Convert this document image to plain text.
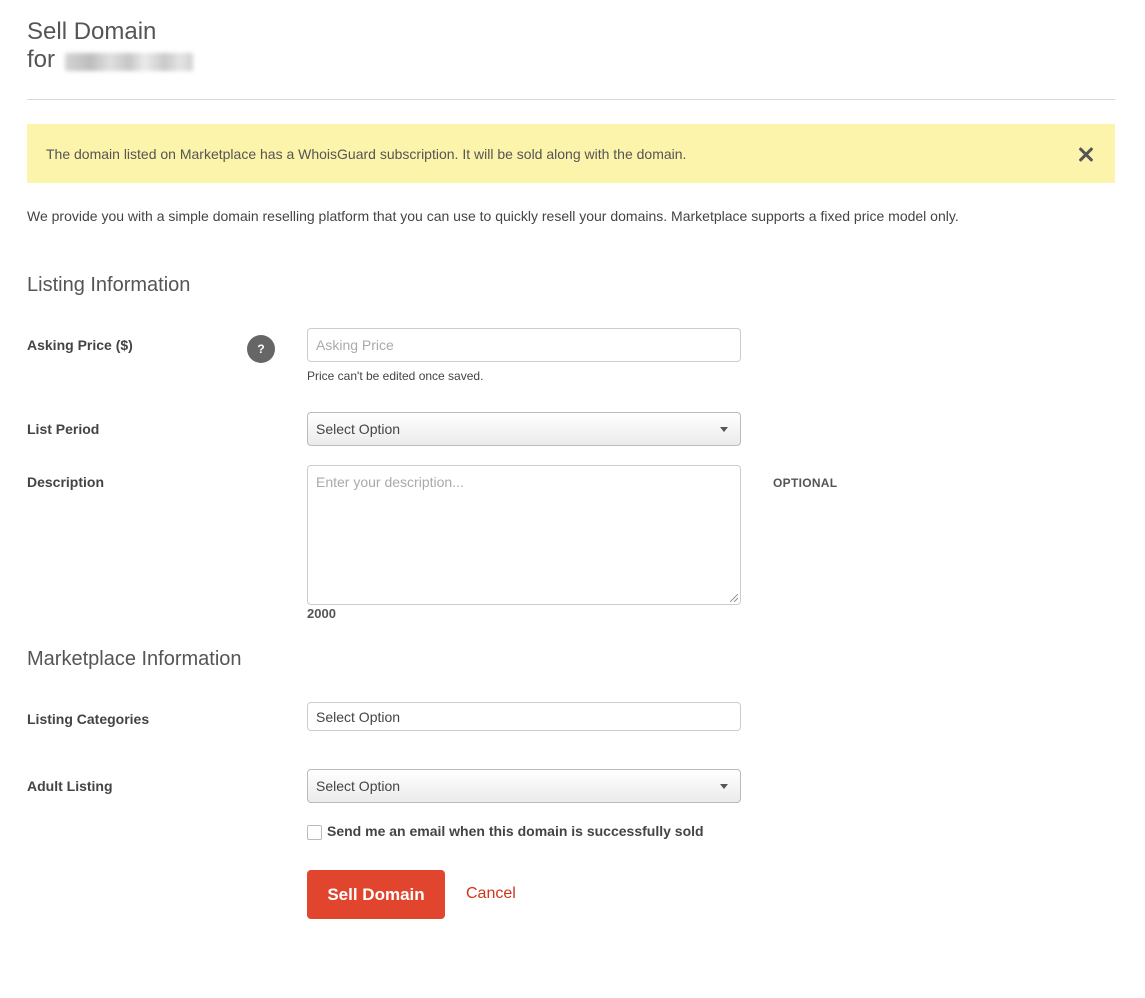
Sell Domain
for
The domain listed on Marketplace has a WhoisGuard subscription. It will be sold along with the domain.
We provide you with a simple domain reselling platform that you can use to quickly resell your domains. Marketplace supports a fixed price model only.
Listing Information
Asking Price ($)	?	Asking Price
Price can't be edited once saved.
List Period	Select Option
Description	Enter your description...	OPTIONAL
2000
Marketplace Information
Listing Categories	Select Option
Adult Listing	Select Option
Send me an email when this domain is successfully sold
Sell Domain	Cancel
